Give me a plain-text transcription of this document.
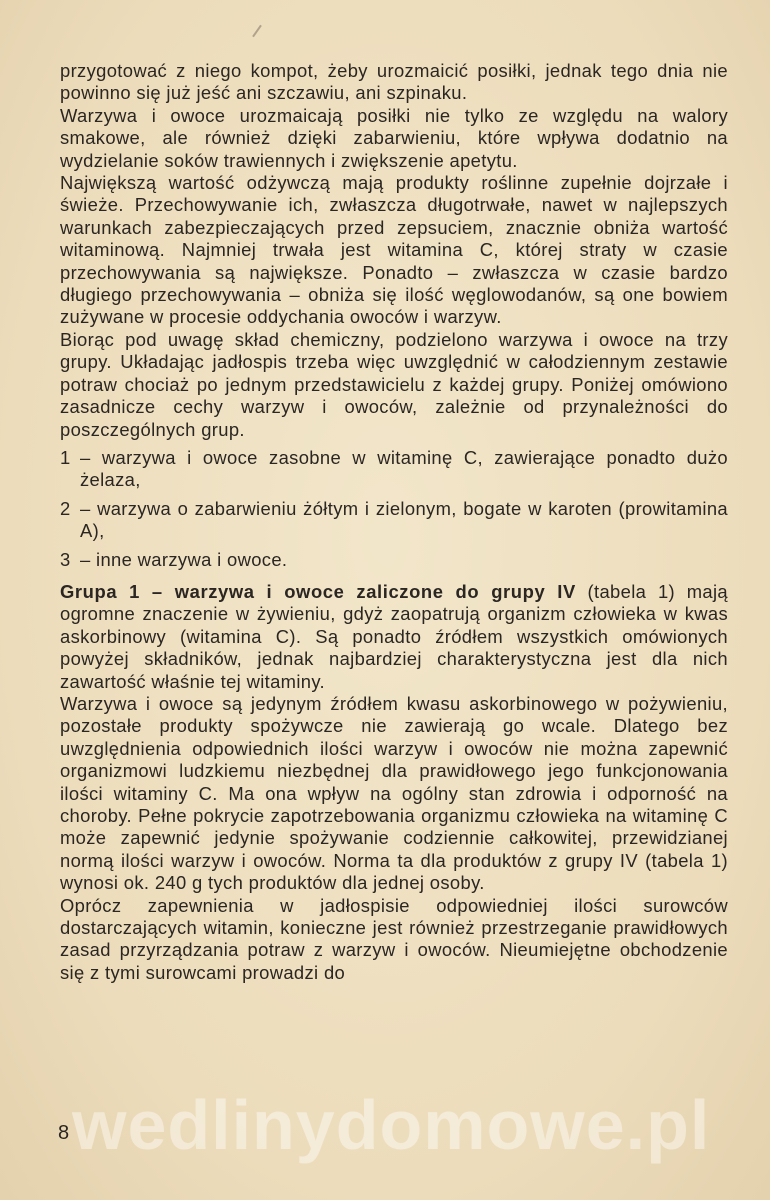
przygotować z niego kompot, żeby urozmaicić posiłki, jednak tego dnia nie powinno się już jeść ani szczawiu, ani szpinaku.

Warzywa i owoce urozmaicają posiłki nie tylko ze względu na walory smakowe, ale również dzięki zabarwieniu, które wpływa dodatnio na wydzielanie soków trawiennych i zwiększenie apetytu.

Największą wartość odżywczą mają produkty roślinne zupełnie dojrzałe i świeże. Przechowywanie ich, zwłaszcza długotrwałe, nawet w najlepszych warunkach zabezpieczających przed zepsuciem, znacznie obniża wartość witaminową. Najmniej trwała jest witamina C, której straty w czasie przechowywania są największe. Ponadto – zwłaszcza w czasie bardzo długiego przechowywania – obniża się ilość węglowodanów, są one bowiem zużywane w procesie oddychania owoców i warzyw.

Biorąc pod uwagę skład chemiczny, podzielono warzywa i owoce na trzy grupy. Układając jadłospis trzeba więc uwzględnić w całodziennym zestawie potraw chociaż po jednym przedstawicielu z każdej grupy. Poniżej omówiono zasadnicze cechy warzyw i owoców, zależnie od przynależności do poszczególnych grup.

1 – warzywa i owoce zasobne w witaminę C, zawierające ponadto dużo żelaza,
2 – warzywa o zabarwieniu żółtym i zielonym, bogate w karoten (prowitamina A),
3 – inne warzywa i owoce.

Grupa 1 – warzywa i owoce zaliczone do grupy IV (tabela 1) mają ogromne znaczenie w żywieniu, gdyż zaopatrują organizm człowieka w kwas askorbinowy (witamina C). Są ponadto źródłem wszystkich omówionych powyżej składników, jednak najbardziej charakterystyczna jest dla nich zawartość właśnie tej witaminy.

Warzywa i owoce są jedynym źródłem kwasu askorbinowego w pożywieniu, pozostałe produkty spożywcze nie zawierają go wcale. Dlatego bez uwzględnienia odpowiednich ilości warzyw i owoców nie można zapewnić organizmowi ludzkiemu niezbędnej dla prawidłowego jego funkcjonowania ilości witaminy C. Ma ona wpływ na ogólny stan zdrowia i odporność na choroby. Pełne pokrycie zapotrzebowania organizmu człowieka na witaminę C może zapewnić jedynie spożywanie codziennie całkowitej, przewidzianej normą ilości warzyw i owoców. Norma ta dla produktów z grupy IV (tabela 1) wynosi ok. 240 g tych produktów dla jednej osoby.

Oprócz zapewnienia w jadłospisie odpowiedniej ilości surowców dostarczających witamin, konieczne jest również przestrzeganie prawidłowych zasad przyrządzania potraw z warzyw i owoców. Nieumiejętne obchodzenie się z tymi surowcami prowadzi do

wedlinydomowe.pl
8
